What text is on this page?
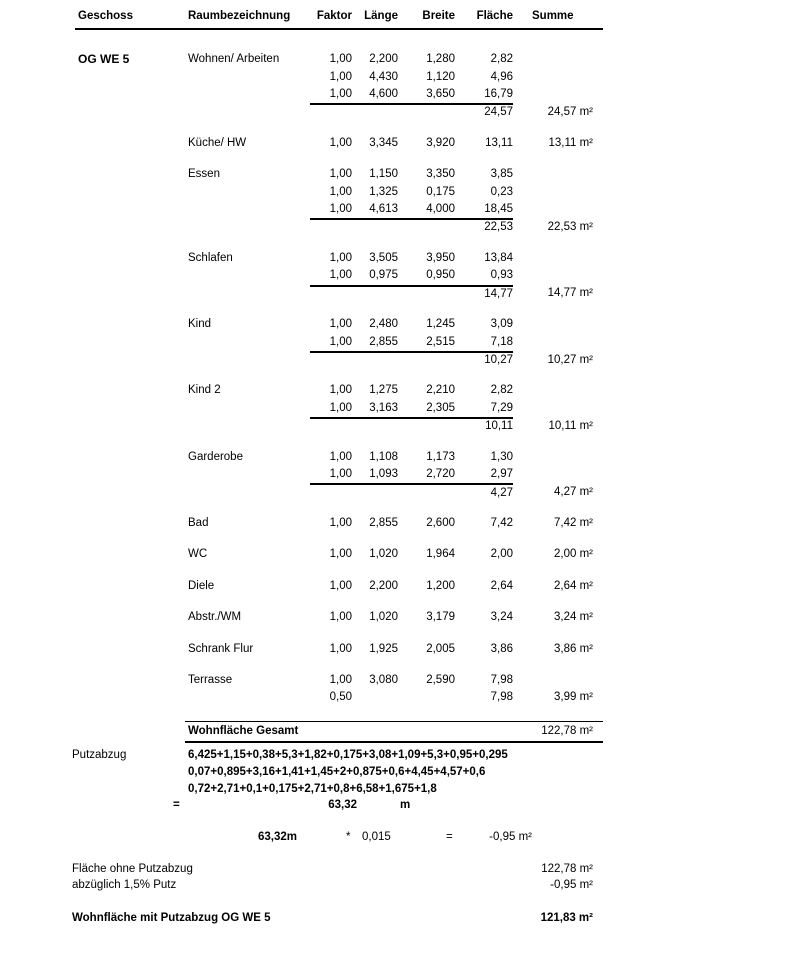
Geschoss	Raumbezeichnung	Faktor	Länge	Breite	Fläche	Summe

OG WE 5	Wohnen/ Arbeiten	1,00	2,200	1,280	2,82	
		1,00	4,430	1,120	4,96	
		1,00	4,600	3,650	16,79	
					24,57	24,57 m²

	Küche/ HW	1,00	3,345	3,920	13,11	13,11 m²

	Essen	1,00	1,150	3,350	3,85	
		1,00	1,325	0,175	0,23	
		1,00	4,613	4,000	18,45	
					22,53	22,53 m²

	Schlafen	1,00	3,505	3,950	13,84	
		1,00	0,975	0,950	0,93	
					14,77	14,77 m²

	Kind	1,00	2,480	1,245	3,09	
		1,00	2,855	2,515	7,18	
					10,27	10,27 m²

	Kind 2	1,00	1,275	2,210	2,82	
		1,00	3,163	2,305	7,29	
					10,11	10,11 m²

	Garderobe	1,00	1,108	1,173	1,30	
		1,00	1,093	2,720	2,97	
					4,27	4,27 m²

	Bad	1,00	2,855	2,600	7,42	7,42 m²

	WC	1,00	1,020	1,964	2,00	2,00 m²

	Diele	1,00	2,200	1,200	2,64	2,64 m²

	Abstr./WM	1,00	1,020	3,179	3,24	3,24 m²

	Schrank Flur	1,00	1,925	2,005	3,86	3,86 m²

	Terrasse	1,00	3,080	2,590	7,98	
		0,50			7,98	3,99 m²

	Wohnfläche Gesamt					122,78 m²
Putzabzug	6,425+1,15+0,38+5,3+1,82+0,175+3,08+1,09+5,3+0,95+0,295
0,07+0,895+3,16+1,41+1,45+2+0,875+0,6+4,45+4,57+0,6
0,72+2,71+0,1+0,175+2,71+0,8+6,58+1,675+1,8
=	63,32	m
63,32m	* 0,015	=	-0,95 m²
Fläche ohne Putzabzug	122,78 m²
abzüglich 1,5% Putz	-0,95 m²
Wohnfläche mit Putzabzug OG WE 5	121,83 m²
